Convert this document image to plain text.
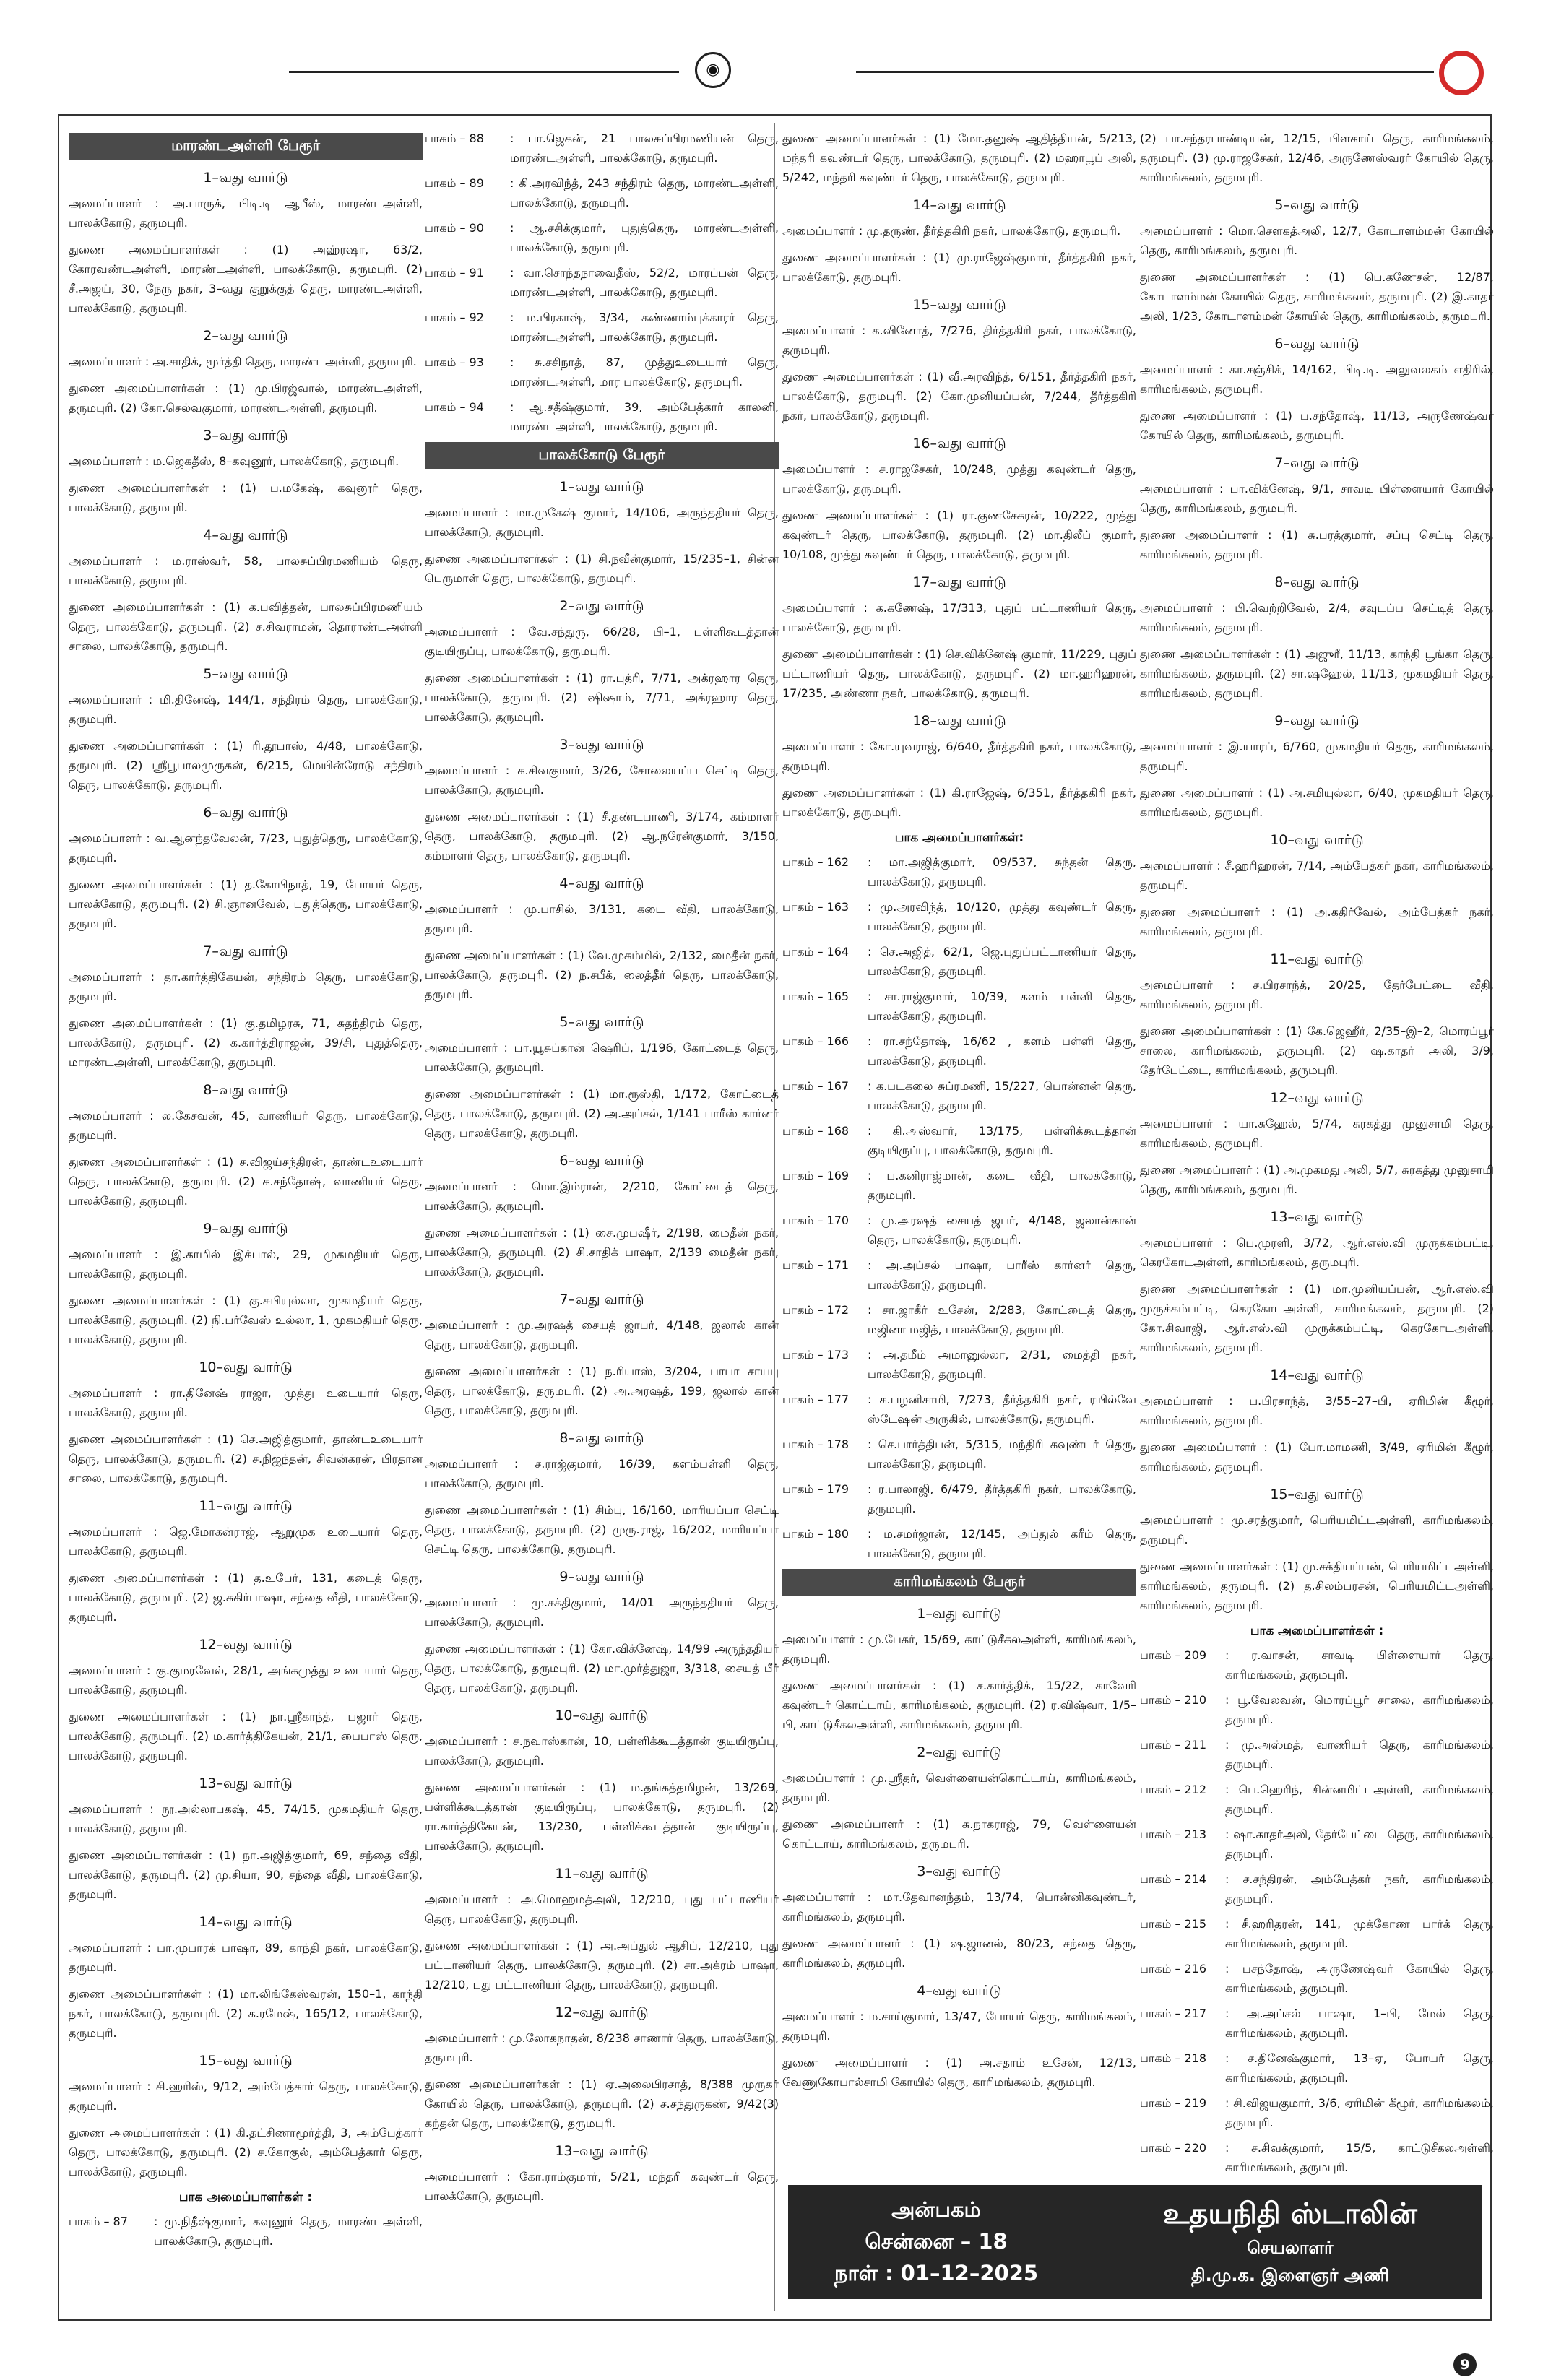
◉
மாரண்டஅள்ளி பேரூர்
1–வது வார்டு

அமைப்பாளர் : அ.பாரூக், பிடி.டி ஆபீஸ், மாரண்டஅள்ளி, பாலக்கோடு, தருமபுரி.

துணை அமைப்பாளர்கள் : (1) அஹ்ரஷா, 63/2, கோரவண்டஅள்ளி, மாரண்டஅள்ளி, பாலக்கோடு, தருமபுரி. (2) சீ.அஜய், 30, நேரு நகர், 3–வது குறுக்குத் தெரு, மாரண்டஅள்ளி, பாலக்கோடு, தருமபுரி.

2–வது வார்டு

அமைப்பாளர் : அ.சாதிக், மூர்த்தி தெரு, மாரண்டஅள்ளி, தருமபுரி.

துணை அமைப்பாளர்கள் : (1) மு.பிரஜ்வால், மாரண்டஅள்ளி, தருமபுரி. (2) கோ.செல்வகுமார், மாரண்டஅள்ளி, தருமபுரி.

3–வது வார்டு

அமைப்பாளர் : ம.ஜெகதீஸ், 8–கவுனூர், பாலக்கோடு, தருமபுரி.

துணை அமைப்பாளர்கள் : (1) ப.மகேஷ், கவுனூர் தெரு, பாலக்கோடு, தருமபுரி.

4–வது வார்டு

அமைப்பாளர் : ம.ராஸ்வர், 58, பாலசுப்பிரமணியம் தெரு, பாலக்கோடு, தருமபுரி.

துணை அமைப்பாளர்கள் : (1) க.பவித்தன், பாலசுப்பிரமணியம் தெரு, பாலக்கோடு, தருமபுரி. (2) ச.சிவராமன், தொராண்டஅள்ளி சாலை, பாலக்கோடு, தருமபுரி.

5–வது வார்டு

அமைப்பாளர் : மி.தினேஷ், 144/1, சந்திரம் தெரு, பாலக்கோடு, தருமபுரி.

துணை அமைப்பாளர்கள் : (1) ரி.தூபாஸ், 4/48, பாலக்கோடு, தருமபுரி. (2) ஸ்ரீபூபாலமுருகன், 6/215, மெயின்ரோடு சந்திரம் தெரு, பாலக்கோடு, தருமபுரி.

6–வது வார்டு

அமைப்பாளர் : வ.ஆனந்தவேலன், 7/23, புதுத்தெரு, பாலக்கோடு, தருமபுரி.

துணை அமைப்பாளர்கள் : (1) த.கோபிநாத், 19, போயர் தெரு, பாலக்கோடு, தருமபுரி. (2) சி.ஞானவேல், புதுத்தெரு, பாலக்கோடு, தருமபுரி.

7–வது வார்டு

அமைப்பாளர் : தா.கார்த்திகேயன், சந்திரம் தெரு, பாலக்கோடு, தருமபுரி.

துணை அமைப்பாளர்கள் : (1) கு.தமிழரசு, 71, சுதந்திரம் தெரு, பாலக்கோடு, தருமபுரி. (2) க.கார்த்திராஜன், 39/சி, புதுத்தெரு, மாரண்டஅள்ளி, பாலக்கோடு, தருமபுரி.

8–வது வார்டு

அமைப்பாளர் : ல.கேசவன், 45, வாணியர் தெரு, பாலக்கோடு, தருமபுரி.

துணை அமைப்பாளர்கள் : (1) ச.விஜய்சந்திரன், தாண்டஉடையார் தெரு, பாலக்கோடு, தருமபுரி. (2) க.சந்தோஷ், வாணியர் தெரு, பாலக்கோடு, தருமபுரி.

9–வது வார்டு

அமைப்பாளர் : இ.காமில் இக்பால், 29, முகமதியர் தெரு, பாலக்கோடு, தருமபுரி.

துணை அமைப்பாளர்கள் : (1) கு.சுபியுல்லா, முகமதியர் தெரு, பாலக்கோடு, தருமபுரி. (2) நி.பர்வேஸ் உல்லா, 1, முகமதியர் தெரு, பாலக்கோடு, தருமபுரி.

10–வது வார்டு

அமைப்பாளர் : ரா.தினேஷ் ராஜா, முத்து உடையார் தெரு, பாலக்கோடு, தருமபுரி.

துணை அமைப்பாளர்கள் : (1) செ.அஜித்குமார், தாண்டஉடையார் தெரு, பாலக்கோடு, தருமபுரி. (2) ச.நிஜந்தன், சிவன்கரன், பிரதான சாலை, பாலக்கோடு, தருமபுரி.

11–வது வார்டு

அமைப்பாளர் : ஜெ.மோகன்ராஜ், ஆறுமுக உடையார் தெரு, பாலக்கோடு, தருமபுரி.

துணை அமைப்பாளர்கள் : (1) த.உபேர், 131, கடைத் தெரு, பாலக்கோடு, தருமபுரி. (2) ஜ.சுகிர்பாஷா, சந்தை வீதி, பாலக்கோடு, தருமபுரி.

12–வது வார்டு

அமைப்பாளர் : கு.குமரவேல், 28/1, அங்கமுத்து உடையார் தெரு, பாலக்கோடு, தருமபுரி.

துணை அமைப்பாளர்கள் : (1) நா.ஸ்ரீகாந்த், பஜார் தெரு, பாலக்கோடு, தருமபுரி. (2) ம.கார்த்திகேயன், 21/1, பைபாஸ் தெரு, பாலக்கோடு, தருமபுரி.

13–வது வார்டு

அமைப்பாளர் : நூ.அல்லாபகஷ், 45, 74/15, முகமதியர் தெரு, பாலக்கோடு, தருமபுரி.

துணை அமைப்பாளர்கள் : (1) நா.அஜித்குமார், 69, சந்தை வீதி, பாலக்கோடு, தருமபுரி. (2) மு.சியா, 90, சந்தை வீதி, பாலக்கோடு, தருமபுரி.

14–வது வார்டு

அமைப்பாளர் : பா.முபாரக் பாஷா, 89, காந்தி நகர், பாலக்கோடு, தருமபுரி.

துணை அமைப்பாளர்கள் : (1) மா.லிங்கேஸ்வரன், 150–1, காந்தி நகர், பாலக்கோடு, தருமபுரி. (2) க.ரமேஷ், 165/12, பாலக்கோடு, தருமபுரி.

15–வது வார்டு

அமைப்பாளர் : சி.ஹரிஸ், 9/12, அம்பேத்கார் தெரு, பாலக்கோடு, தருமபுரி.

துணை அமைப்பாளர்கள் : (1) கி.தட்சிணாமூர்த்தி, 3, அம்பேத்கார் தெரு, பாலக்கோடு, தருமபுரி. (2) ச.கோகுல், அம்பேத்கார் தெரு, பாலக்கோடு, தருமபுரி.

பாக அமைப்பாளர்கள் :
பாகம் – 87	: மு.நிதீஷ்குமார், கவுனூர் தெரு, மாரண்டஅள்ளி, பாலக்கோடு, தருமபுரி.
பாகம் – 88	: பா.ஜெகன், 21 பாலசுப்பிரமணியன் தெரு, மாரண்டஅள்ளி, பாலக்கோடு, தருமபுரி.
பாகம் – 89	: கி.அரவிந்த், 243 சந்திரம் தெரு, மாரண்டஅள்ளி, பாலக்கோடு, தருமபுரி.
பாகம் – 90	: ஆ.சசிக்குமார், புதுத்தெரு, மாரண்டஅள்ளி, பாலக்கோடு, தருமபுரி.
பாகம் – 91	: வா.சொந்தநாவைதீஸ், 52/2, மாரப்பன் தெரு, மாரண்டஅள்ளி, பாலக்கோடு, தருமபுரி.
பாகம் – 92	: ம.பிரகாஷ், 3/34, கண்ணாம்புக்காரர் தெரு, மாரண்டஅள்ளி, பாலக்கோடு, தருமபுரி.
பாகம் – 93	: சு.சசிநாத், 87, முத்துஉடையார் தெரு, மாரண்டஅள்ளி, மார பாலக்கோடு, தருமபுரி.
பாகம் – 94	: ஆ.சதீஷ்குமார், 39, அம்பேத்கார் காலனி, மாரண்டஅள்ளி, பாலக்கோடு, தருமபுரி.
பாலக்கோடு பேரூர்
1–வது வார்டு

அமைப்பாளர் : மா.முகேஷ் குமார், 14/106, அருந்ததியர் தெரு, பாலக்கோடு, தருமபுரி.

துணை அமைப்பாளர்கள் : (1) சி.நவீன்குமார், 15/235–1, சின்ன பெருமாள் தெரு, பாலக்கோடு, தருமபுரி.

2–வது வார்டு

அமைப்பாளர் : வே.சந்துரு, 66/28, பி–1, பள்ளிகூடத்தான் குடியிருப்பு, பாலக்கோடு, தருமபுரி.

துணை அமைப்பாளர்கள் : (1) ரா.புத்ரி, 7/71, அக்ரஹார தெரு, பாலக்கோடு, தருமபுரி. (2) ஷிஷாம், 7/71, அக்ரஹார தெரு, பாலக்கோடு, தருமபுரி.

3–வது வார்டு

அமைப்பாளர் : க.சிவகுமார், 3/26, சோலையப்ப செட்டி தெரு, பாலக்கோடு, தருமபுரி.

துணை அமைப்பாளர்கள் : (1) சீ.தண்டபாணி, 3/174, கம்மாளர் தெரு, பாலக்கோடு, தருமபுரி. (2) ஆ.நரேன்குமார், 3/150, கம்மாளர் தெரு, பாலக்கோடு, தருமபுரி.

4–வது வார்டு

அமைப்பாளர் : மு.பாசில், 3/131, கடை வீதி, பாலக்கோடு, தருமபுரி.

துணை அமைப்பாளர்கள் : (1) வே.முகம்மில், 2/132, மைதீன் நகர், பாலக்கோடு, தருமபுரி. (2) ந.சபீக், லைத்தீர் தெரு, பாலக்கோடு, தருமபுரி.

5–வது வார்டு

அமைப்பாளர் : பா.யூசுப்கான் ஷெரிப், 1/196, கோட்டைத் தெரு, பாலக்கோடு, தருமபுரி.

துணை அமைப்பாளர்கள் : (1) மா.ரூஸ்தி, 1/172, கோட்டைத் தெரு, பாலக்கோடு, தருமபுரி. (2) அ.அப்சல், 1/141 பாரீஸ் கார்னர் தெரு, பாலக்கோடு, தருமபுரி.

6–வது வார்டு

அமைப்பாளர் : மொ.இம்ரான், 2/210, கோட்டைத் தெரு, பாலக்கோடு, தருமபுரி.

துணை அமைப்பாளர்கள் : (1) சை.முபஷீர், 2/198, மைதீன் நகர், பாலக்கோடு, தருமபுரி. (2) சி.சாதிக் பாஷா, 2/139 மைதீன் நகர், பாலக்கோடு, தருமபுரி.

7–வது வார்டு

அமைப்பாளர் : மு.அரஷத் சையத் ஜாபர், 4/148, ஜலால் கான் தெரு, பாலக்கோடு, தருமபுரி.

துணை அமைப்பாளர்கள் : (1) ந.ரியாஸ், 3/204, பாபா சாயபு தெரு, பாலக்கோடு, தருமபுரி. (2) அ.அரஷத், 199, ஜலால் கான் தெரு, பாலக்கோடு, தருமபுரி.

8–வது வார்டு

அமைப்பாளர் : ச.ராஜ்குமார், 16/39, களம்பள்ளி தெரு, பாலக்கோடு, தருமபுரி.

துணை அமைப்பாளர்கள் : (1) சிம்பு, 16/160, மாரியப்பா செட்டி தெரு, பாலக்கோடு, தருமபுரி. (2) முரு.ராஜ், 16/202, மாரியப்பா செட்டி தெரு, பாலக்கோடு, தருமபுரி.

9–வது வார்டு

அமைப்பாளர் : மு.சக்திகுமார், 14/01 அருந்ததியர் தெரு, பாலக்கோடு, தருமபுரி.

துணை அமைப்பாளர்கள் : (1) கோ.விக்னேஷ், 14/99 அருந்ததியர் தெரு, பாலக்கோடு, தருமபுரி. (2) மா.முர்த்துஜா, 3/318, சையத் பீர் தெரு, பாலக்கோடு, தருமபுரி.

10–வது வார்டு

அமைப்பாளர் : ச.நவாஸ்கான், 10, பள்ளிக்கூடத்தான் குடியிருப்பு, பாலக்கோடு, தருமபுரி.

துணை அமைப்பாளர்கள் : (1) ம.தங்கத்தமிழன், 13/269, பள்ளிக்கூடத்தான் குடியிருப்பு, பாலக்கோடு, தருமபுரி. (2) ரா.கார்த்திகேயன், 13/230, பள்ளிக்கூடத்தான் குடியிருப்பு, பாலக்கோடு, தருமபுரி.

11–வது வார்டு

அமைப்பாளர் : அ.மொஹமத்அலி, 12/210, புது பட்டாணியர் தெரு, பாலக்கோடு, தருமபுரி.

துணை அமைப்பாளர்கள் : (1) அ.அப்துல் ஆசிப், 12/210, புது பட்டாணியர் தெரு, பாலக்கோடு, தருமபுரி. (2) சா.அக்ரம் பாஷா, 12/210, புது பட்டாணியர் தெரு, பாலக்கோடு, தருமபுரி.

12–வது வார்டு

அமைப்பாளர் : மு.லோகநாதன், 8/238 சாணார் தெரு, பாலக்கோடு, தருமபுரி.

துணை அமைப்பாளர்கள் : (1) ஏ.அலைபிரசாத், 8/388 முருகர் கோயில் தெரு, பாலக்கோடு, தருமபுரி. (2) ச.சந்துருகண், 9/42(3) கந்தன் தெரு, பாலக்கோடு, தருமபுரி.

13–வது வார்டு

அமைப்பாளர் : கோ.ராம்குமார், 5/21, மந்தரி கவுண்டர் தெரு, பாலக்கோடு, தருமபுரி.

துணை அமைப்பாளர்கள் : (1) மோ.தனுஷ் ஆதித்தியன், 5/213, மந்தரி கவுண்டர் தெரு, பாலக்கோடு, தருமபுரி. (2) மஹாபூப் அலி, 5/242, மந்தரி கவுண்டர் தெரு, பாலக்கோடு, தருமபுரி.

14–வது வார்டு

அமைப்பாளர் : மு.தருண், தீர்த்தகிரி நகர், பாலக்கோடு, தருமபுரி.

துணை அமைப்பாளர்கள் : (1) மு.ராஜேஷ்குமார், தீர்த்தகிரி நகர், பாலக்கோடு, தருமபுரி.

15–வது வார்டு

அமைப்பாளர் : க.வினோத், 7/276, திர்த்தகிரி நகர், பாலக்கோடு, தருமபுரி.

துணை அமைப்பாளர்கள் : (1) வீ.அரவிந்த், 6/151, தீர்த்தகிரி நகர், பாலக்கோடு, தருமபுரி. (2) கோ.முனியப்பன், 7/244, தீர்த்தகிரி நகர், பாலக்கோடு, தருமபுரி.

16–வது வார்டு

அமைப்பாளர் : ச.ராஜசேகர், 10/248, முத்து கவுண்டர் தெரு, பாலக்கோடு, தருமபுரி.

துணை அமைப்பாளர்கள் : (1) ரா.குணசேகரன், 10/222, முத்து கவுண்டர் தெரு, பாலக்கோடு, தருமபுரி. (2) மா.திலீப் குமார், 10/108, முத்து கவுண்டர் தெரு, பாலக்கோடு, தருமபுரி.

17–வது வார்டு

அமைப்பாளர் : க.கணேஷ், 17/313, புதுப் பட்டாணியர் தெரு, பாலக்கோடு, தருமபுரி.

துணை அமைப்பாளர்கள் : (1) செ.விக்னேஷ் குமார், 11/229, புதுப் பட்டாணியர் தெரு, பாலக்கோடு, தருமபுரி. (2) மா.ஹரிஹரன், 17/235, அண்ணா நகர், பாலக்கோடு, தருமபுரி.

18–வது வார்டு

அமைப்பாளர் : கோ.யுவராஜ், 6/640, தீர்த்தகிரி நகர், பாலக்கோடு, தருமபுரி.

துணை அமைப்பாளர்கள் : (1) கி.ராஜேஷ், 6/351, தீர்த்தகிரி நகர், பாலக்கோடு, தருமபுரி.

பாக அமைப்பாளர்கள்:
பாகம் – 162	: மா.அஜித்குமார், 09/537, சுந்தன் தெரு, பாலக்கோடு, தருமபுரி.
பாகம் – 163	: மு.அரவிந்த், 10/120, முத்து கவுண்டர் தெரு, பாலக்கோடு, தருமபுரி.
பாகம் – 164	: செ.அஜித், 62/1, ஜெ.புதுப்பட்டாணியர் தெரு, பாலக்கோடு, தருமபுரி.
பாகம் – 165	: சா.ராஜ்குமார், 10/39, களம் பள்ளி தெரு, பாலக்கோடு, தருமபுரி.
பாகம் – 166	: ரா.சந்தோஷ், 16/62 , களம் பள்ளி தெரு, பாலக்கோடு, தருமபுரி.
பாகம் – 167	: க.படகலை சுப்ரமணி, 15/227, பொன்னன் தெரு, பாலக்கோடு, தருமபுரி.
பாகம் – 168	: கி.அஸ்வார், 13/175, பள்ளிக்கூடத்தான் குடியிருப்பு, பாலக்கோடு, தருமபுரி.
பாகம் – 169	: ப.கனிராஜ்மான், கடை வீதி, பாலக்கோடு, தருமபுரி.
பாகம் – 170	: மு.அரஷத் சையத் ஜபர், 4/148, ஜலான்கான் தெரு, பாலக்கோடு, தருமபுரி.
பாகம் – 171	: அ.அப்சல் பாஷா, பாரீஸ் கார்னர் தெரு, பாலக்கோடு, தருமபுரி.
பாகம் – 172	: சா.ஜாகீர் உசேன், 2/283, கோட்டைத் தெரு, மஜினா மஜித், பாலக்கோடு, தருமபுரி.
பாகம் – 173	: அ.தமீம் அமானுல்லா, 2/31, மைத்தி நகர், பாலக்கோடு, தருமபுரி.
பாகம் – 177	: க.பழனிசாமி, 7/273, தீர்த்தகிரி நகர், ரயில்வே ஸ்டேஷன் அருகில், பாலக்கோடு, தருமபுரி.
பாகம் – 178	: செ.பார்த்திபன், 5/315, மந்திரி கவுண்டர் தெரு, பாலக்கோடு, தருமபுரி.
பாகம் – 179	: ர.பாலாஜி, 6/479, தீர்த்தகிரி நகர், பாலக்கோடு, தருமபுரி.
பாகம் – 180	: ம.சமர்ஜான், 12/145, அப்துல் கரீம் தெரு, பாலக்கோடு, தருமபுரி.
காரிமங்கலம் பேரூர்
1–வது வார்டு

அமைப்பாளர் : மு.பேகர், 15/69, காட்டுசீகலஅள்ளி, காரிமங்கலம், தருமபுரி.

துணை அமைப்பாளர்கள் : (1) ச.கார்த்திக், 15/22, காவேரி கவுண்டர் கொட்டாய், காரிமங்கலம், தருமபுரி. (2) ர.விஷ்வா, 1/5–பி, காட்டுசீகலஅள்ளி, காரிமங்கலம், தருமபுரி.

2–வது வார்டு

அமைப்பாளர் : மு.ஸ்ரீதர், வெள்ளையன்கொட்டாய், காரிமங்கலம், தருமபுரி.

துணை அமைப்பாளர் : (1) சு.நாகராஜ், 79, வெள்ளையன் கொட்டாய், காரிமங்கலம், தருமபுரி.

3–வது வார்டு

அமைப்பாளர் : மா.தேவானந்தம், 13/74, பொன்னிகவுண்டர், காரிமங்கலம், தருமபுரி.

துணை அமைப்பாளர் : (1) ஷ.ஜானல், 80/23, சந்தை தெரு, காரிமங்கலம், தருமபுரி.

4–வது வார்டு

அமைப்பாளர் : ம.சாய்குமார், 13/47, போயர் தெரு, காரிமங்கலம், தருமபுரி.

துணை அமைப்பாளர் : (1) அ.சதாம் உசேன், 12/13, வேணுகோபால்சாமி கோயில் தெரு, காரிமங்கலம், தருமபுரி.

(2) பா.சந்தரபாண்டியன், 12/15, பிளகாய் தெரு, காரிமங்கலம், தருமபுரி. (3) மு.ராஜசேகர், 12/46, அருணேஸ்வரர் கோயில் தெரு, காரிமங்கலம், தருமபுரி.

5–வது வார்டு

அமைப்பாளர் : மொ.செளகத்அலி, 12/7, கோடாளம்மன் கோயில் தெரு, காரிமங்கலம், தருமபுரி.

துணை அமைப்பாளர்கள் : (1) பெ.கணேசன், 12/87, கோடாளம்மன் கோயில் தெரு, காரிமங்கலம், தருமபுரி. (2) இ.காதர் அலி, 1/23, கோடாளம்மன் கோயில் தெரு, காரிமங்கலம், தருமபுரி.

6–வது வார்டு

அமைப்பாளர் : கா.சஞ்சிக், 14/162, பிடி.டி. அலுவலகம் எதிரில், காரிமங்கலம், தருமபுரி.

துணை அமைப்பாளர் : (1) ப.சந்தோஷ், 11/13, அருணேஷ்வர் கோயில் தெரு, காரிமங்கலம், தருமபுரி.

7–வது வார்டு

அமைப்பாளர் : பா.விக்னேஷ், 9/1, சாவடி பிள்ளையார் கோயில் தெரு, காரிமங்கலம், தருமபுரி.

துணை அமைப்பாளர் : (1) சு.பரத்குமார், சப்பு செட்டி தெரு, காரிமங்கலம், தருமபுரி.

8–வது வார்டு

அமைப்பாளர் : பி.வெற்றிவேல், 2/4, சவுடப்ப செட்டித் தெரு, காரிமங்கலம், தருமபுரி.

துணை அமைப்பாளர்கள் : (1) அஜுரீ, 11/13, காந்தி பூங்கா தெரு, காரிமங்கலம், தருமபுரி. (2) சா.ஷஹேல், 11/13, முகமதியர் தெரு, காரிமங்கலம், தருமபுரி.

9–வது வார்டு

அமைப்பாளர் : இ.யாரப், 6/760, முகமதியர் தெரு, காரிமங்கலம், தருமபுரி.

துணை அமைப்பாளர் : (1) அ.சமியுல்லா, 6/40, முகமதியர் தெரு, காரிமங்கலம், தருமபுரி.

10–வது வார்டு

அமைப்பாளர் : சீ.ஹரிஹரன், 7/14, அம்பேத்கர் நகர், காரிமங்கலம், தருமபுரி.

துணை அமைப்பாளர் : (1) அ.கதிர்வேல், அம்பேத்கர் நகர், காரிமங்கலம், தருமபுரி.

11–வது வார்டு

அமைப்பாளர் : ச.பிரசாந்த், 20/25, தேர்பேட்டை வீதி, காரிமங்கலம், தருமபுரி.

துணை அமைப்பாளர்கள் : (1) கே.ஜெஹீர், 2/35–இ–2, மொரப்பூர் சாலை, காரிமங்கலம், தருமபுரி. (2) ஷ.காதர் அலி, 3/9, தேர்பேட்டை, காரிமங்கலம், தருமபுரி.

12–வது வார்டு

அமைப்பாளர் : யா.சுஹேல், 5/74, சுரகத்து முனுசாமி தெரு, காரிமங்கலம், தருமபுரி.

துணை அமைப்பாளர் : (1) அ.முகமது அலி, 5/7, சுரகத்து முனுசாமி தெரு, காரிமங்கலம், தருமபுரி.

13–வது வார்டு

அமைப்பாளர் : பெ.முரளி, 3/72, ஆர்.எஸ்.வி முருக்கம்பட்டி, கெரகோடஅள்ளி, காரிமங்கலம், தருமபுரி.

துணை அமைப்பாளர்கள் : (1) மா.முனியப்பன், ஆர்.எஸ்.வி முருக்கம்பட்டி, கெரகோடஅள்ளி, காரிமங்கலம், தருமபுரி. (2) கோ.சிவாஜி, ஆர்.எஸ்.வி முருக்கம்பட்டி, கெரகோடஅள்ளி, காரிமங்கலம், தருமபுரி.

14–வது வார்டு

அமைப்பாளர் : ப.பிரசாந்த், 3/55–27–பி, ஏரிமின் கீழூர், காரிமங்கலம், தருமபுரி.

துணை அமைப்பாளர் : (1) போ.மாமணி, 3/49, ஏரிமின் கீழூர், காரிமங்கலம், தருமபுரி.

15–வது வார்டு

அமைப்பாளர் : மு.சரத்குமார், பெரியமிட்டஅள்ளி, காரிமங்கலம், தருமபுரி.

துணை அமைப்பாளர்கள் : (1) மு.சக்தியப்பன், பெரியமிட்டஅள்ளி, காரிமங்கலம், தருமபுரி. (2) த.சிலம்பரசன், பெரியமிட்டஅள்ளி, காரிமங்கலம், தருமபுரி.

பாக அமைப்பாளர்கள் :
பாகம் – 209	: ர.வாசன், சாவடி பிள்ளையார் தெரு, காரிமங்கலம், தருமபுரி.
பாகம் – 210	: பூ.வேலவன், மொரப்பூர் சாலை, காரிமங்கலம், தருமபுரி.
பாகம் – 211	: மு.அஸ்மத், வாணியர் தெரு, காரிமங்கலம், தருமபுரி.
பாகம் – 212	: பெ.ஹெரிந், சின்னமிட்டஅள்ளி, காரிமங்கலம், தருமபுரி.
பாகம் – 213	: ஷா.காதர்அலி, தேர்பேட்டை தெரு, காரிமங்கலம், தருமபுரி.
பாகம் – 214	: ச.சந்திரன், அம்பேத்கர் நகர், காரிமங்கலம், தருமபுரி.
பாகம் – 215	: சீ.ஹரிதரன், 141, முக்கோண பார்க் தெரு, காரிமங்கலம், தருமபுரி.
பாகம் – 216	: பசந்தோஷ், அருணேஷ்வர் கோயில் தெரு, காரிமங்கலம், தருமபுரி.
பாகம் – 217	: அ.அப்சல் பாஷா, 1–பி, மேல் தெரு, காரிமங்கலம், தருமபுரி.
பாகம் – 218	: ச.தினேஷ்குமார், 13–ஏ, போயர் தெரு, காரிமங்கலம், தருமபுரி.
பாகம் – 219	: சி.விஜயகுமார், 3/6, ஏரிமின் கீழூர், காரிமங்கலம், தருமபுரி.
பாகம் – 220	: ச.சிவக்குமார், 15/5, காட்டுசீகலஅள்ளி, காரிமங்கலம், தருமபுரி.
அன்பகம்
சென்னை – 18
நாள் : 01–12–2025
உதயநிதி ஸ்டாலின்
செயலாளர்
தி.மு.க. இளைஞர் அணி
9
